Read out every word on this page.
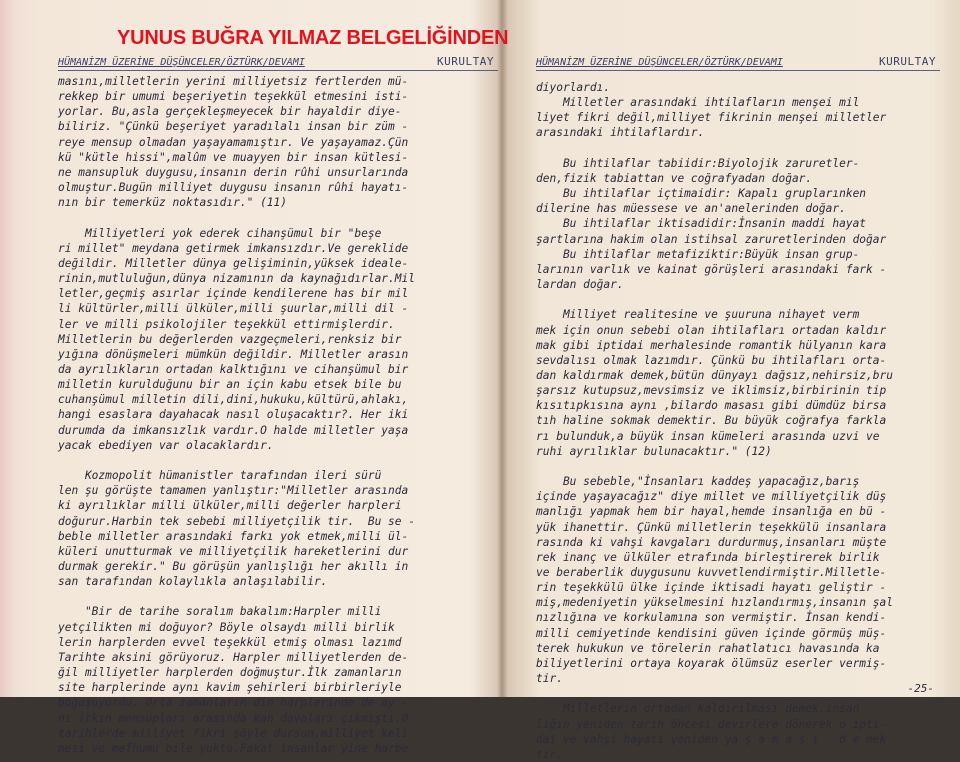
YUNUS BUĞRA YILMAZ BELGELİĞİNDEN
HÜMANİZM ÜZERİNE DÜŞÜNCELER/ÖZTÜRK/DEVAMI	KURULTAY
masını,milletlerin yerini milliyetsiz fertlerden mü-
rekkep bir umumi beşeriyetin teşekkül etmesini isti-
yorlar. Bu,asla gerçekleşmeyecek bir hayaldir diye-
biliriz. "Çünkü beşeriyet yaradılalı insan bir züm -
reye mensup olmadan yaşayamamıştır. Ve yaşayamaz.Çün
kü "kütle hissi",malûm ve muayyen bir insan kütlesi-
ne mansupluk duygusu,insanın derin rûhi unsurlarında
olmuştur.Bugün milliyet duygusu insanın rûhi hayatı-
nın bir temerküz noktasıdır." (11)

Milliyetleri yok ederek cihanşümul bir "beşe
ri millet" meydana getirmek imkansızdır.Ve gereklide
değildir. Milletler dünya gelişiminin,yüksek ideale-
rinin,mutluluğun,dünya nizamının da kaynağıdırlar.Mil
letler,geçmiş asırlar içinde kendilerene has bir mil
li kültürler,milli ülküler,milli şuurlar,milli dil -
ler ve milli psikolojiler teşekkül ettirmişlerdir.
Milletlerin bu değerlerden vazgeçmeleri,renksiz bir
yığına dönüşmeleri mümkün değildir. Milletler arasın
da ayrılıkların ortadan kalktığını ve cihanşümul bir
milletin kurulduğunu bir an için kabu etsek bile bu
cuhanşümul milletin dili,dini,hukuku,kültürü,ahlakı,
hangi esaslara dayahacak nasıl oluşacaktır?. Her iki
durumda da imkansızlık vardır.O halde milletler yaşa
yacak ebediyen var olacaklardır.

Kozmopolit hümanistler tarafından ileri sürü
len şu görüşte tamamen yanlıştır:"Milletler arasında
ki ayrılıklar milli ülküler,milli değerler harpleri
doğurur.Harbin tek sebebi milliyetçilik tir.  Bu se -
beble milletler arasındaki farkı yok etmek,milli ül-
küleri unutturmak ve milliyetçilik hareketlerini dur
durmak gerekir." Bu görüşün yanlışlığı her akıllı in
san tarafından kolaylıkla anlaşılabilir.

"Bir de tarihe soralım bakalım:Harpler milli
yetçilikten mi doğuyor? Böyle olsaydı milli birlik
lerin harplerden evvel teşekkül etmiş olması lazımd
Tarihte aksini görüyoruz. Harpler milliyetlerden de-
ğil milliyetler harplerden doğmuştur.İlk zamanların
site harplerinde aynı kavim şehirleri birbirleriyle
boğuşuyordu. Orta zamanların din harplerinde de ay -
nı irkın mensupları arasında kan davaları çıkmıştı.O
tarihlerde milliyet fikri şöyle dursun,milliyet keli
mesi ve mefhumu bile yoktu.Fakat insanlar yine harbe
HÜMANİZM ÜZERİNE DÜŞÜNCELER/ÖZTÜRK/DEVAMI	KURULTAY
diyorlardı.
Milletler arasındaki ihtilafların menşei mil
liyet fikri değil,milliyet fikrinin menşei milletler
arasındaki ihtilaflardır.

Bu ihtilaflar tabiidir:Biyolojik zaruretler-
den,fizik tabiattan ve coğrafyadan doğar.
Bu ihtilaflar içtimaidir: Kapalı gruplarınken
dilerine has müessese ve an'anelerinden doğar.
Bu ihtilaflar iktisadidir:İnsanin maddi hayat
şartlarına hakim olan istihsal zaruretlerinden doğar
Bu ihtilaflar metafiziktir:Büyük insan grup-
larının varlık ve kainat görüşleri arasındaki fark -
lardan doğar.

Milliyet realitesine ve şuuruna nihayet verm
mek için onun sebebi olan ihtilafları ortadan kaldır
mak gibi iptidai merhalesinde romantik hülyanın kara
sevdalısı olmak lazımdır. Çünkü bu ihtilafları orta-
dan kaldırmak demek,bütün dünyayı dağsız,nehirsiz,bru
şarsız kutupsuz,mevsimsiz ve iklimsiz,birbirinin tip
kısıtıpkısına aynı ,bilardo masası gibi dümdüz birsa
tıh haline sokmak demektir. Bu büyük coğrafya farkla
rı bulunduk,a büyük insan kümeleri arasında uzvi ve
ruhi ayrılıklar bulunacaktır." (12)

Bu sebeble,"İnsanları kaddeş yapacağız,barış
içinde yaşayacağız" diye millet ve milliyetçilik düş
manlığı yapmak hem bir hayal,hemde insanlığa en bü -
yük ihanettir. Çünkü milletlerin teşekkülü insanlara
rasında ki vahşi kavgaları durdurmuş,insanları müşte
rek inanç ve ülküler etrafında birleştirerek birlik
ve beraberlik duygusunu kuvvetlendirmiştir.Milletle-
rin teşekkülü ülke içinde iktisadi hayatı geliştir -
miş,medeniyetin yükselmesini hızlandırmış,insanın şal
nızlığına ve korkulamına son vermiştir. İnsan kendi-
milli cemiyetinde kendisini güven içinde görmüş müş-
terek hukukun ve törelerin rahatlatıcı havasında ka
biliyetlerini ortaya koyarak ölümsüz eserler vermiş-
tir.

Milletlerin ortadan kaldırılması demek,insan
lığın yeniden tarih öncesi devirlere dönerek o ipti-
dai ve vahşi hayatı yeniden ya ş a m a s ı   d e mek
tir.
-25-
